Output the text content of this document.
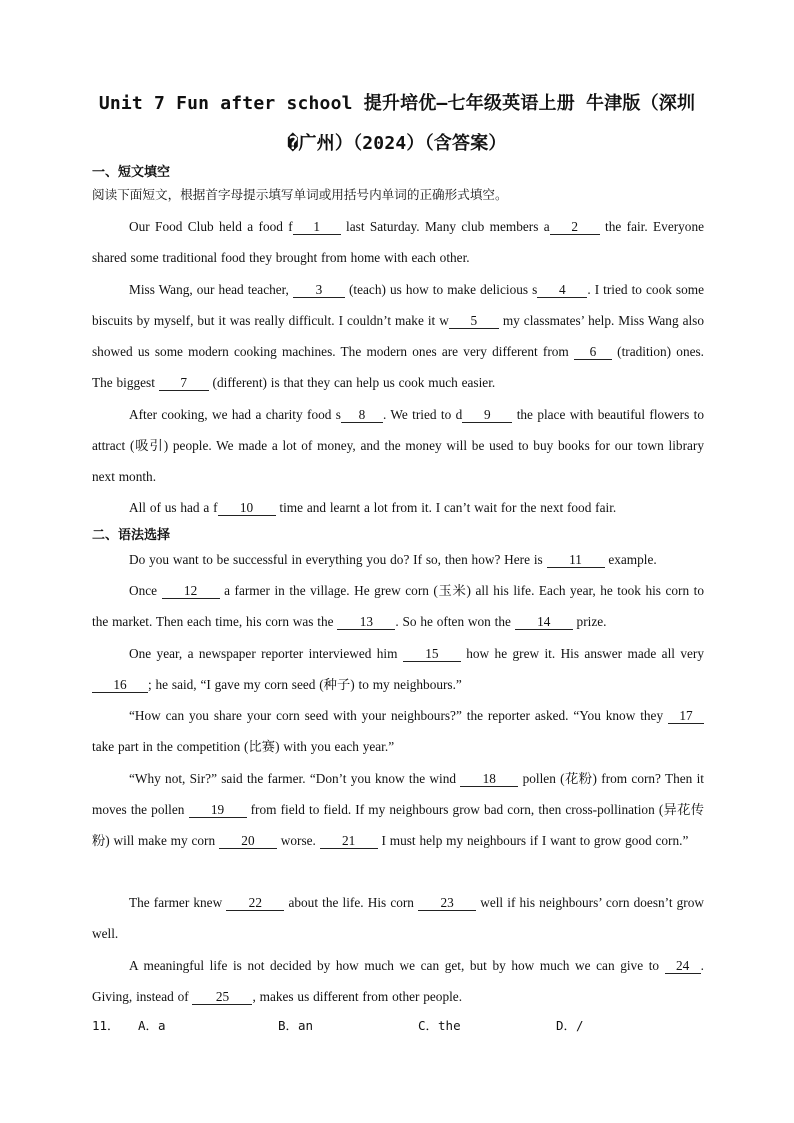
Unit 7 Fun after school 提升培优—七年级英语上册 牛津版（深圳
�广州）（2024）（含答案）
一、短文填空
阅读下面短文，根据首字母提示填写单词或用括号内单词的正确形式填空。
Our Food Club held a food f 1 last Saturday. Many club members a 2 the fair. Everyone shared some traditional food they brought from home with each other.
Miss Wang, our head teacher, 3 (teach) us how to make delicious s 4 . I tried to cook some biscuits by myself, but it was really difficult. I couldn’t make it w 5 my classmates’ help. Miss Wang also showed us some modern cooking machines. The modern ones are very different from 6 (tradition) ones. The biggest 7 (different) is that they can help us cook much easier.
After cooking, we had a charity food s 8 . We tried to d 9 the place with beautiful flowers to attract (吸引) people. We made a lot of money, and the money will be used to buy books for our town library next month.
All of us had a f 10 time and learnt a lot from it. I can’t wait for the next food fair.
二、语法选择
Do you want to be successful in everything you do? If so, then how? Here is 11 example.
Once 12 a farmer in the village. He grew corn (玉米) all his life. Each year, he took his corn to the market. Then each time, his corn was the 13 . So he often won the 14 prize.
One year, a newspaper reporter interviewed him 15 how he grew it. His answer made all very 16 ; he said, “I gave my corn seed (种子) to my neighbours.”
“How can you share your corn seed with your neighbours?” the reporter asked. “You know they 17 take part in the competition (比赛) with you each year.”
“Why not, Sir?” said the farmer. “Don’t you know the wind 18 pollen (花粉) from corn? Then it moves the pollen 19 from field to field. If my neighbours grow bad corn, then cross-pollination (异花传粉) will make my corn 20 worse. 21 I must help my neighbours if I want to grow good corn.”
The farmer knew 22 about the life. His corn 23 well if his neighbours’ corn doesn’t grow well.
A meaningful life is not decided by how much we can get, but by how much we can give to 24 . Giving, instead of 25 , makes us different from other people.
11． A．a	B．an	C．the	D．/
